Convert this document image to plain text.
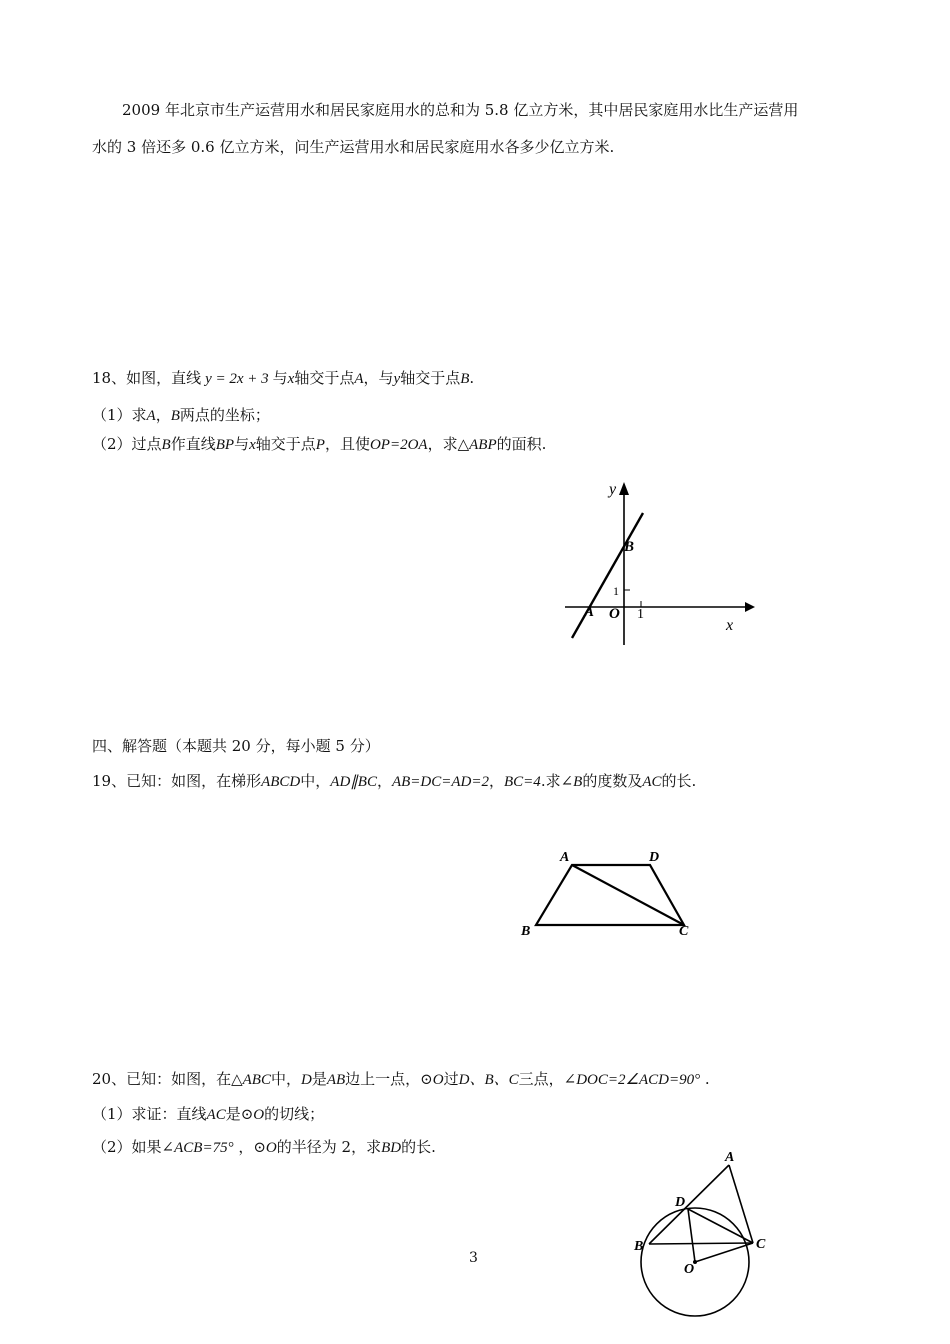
2009 年北京市生产运营用水和居民家庭用水的总和为 5.8 亿立方米，其中居民家庭用水比生产运营用
水的 3 倍还多 0.6 亿立方米，问生产运营用水和居民家庭用水各多少亿立方米.
18、如图，直线 y = 2x + 3 与x轴交于点A，与y轴交于点B.
（1）求A，B两点的坐标；
（2）过点B作直线BP与x轴交于点P，且使OP=2OA，求△ABP的面积.
y
x
B
A O
1
1
四、解答题（本题共 20 分，每小题 5 分）
19、已知：如图，在梯形ABCD中，AD∥BC，AB=DC=AD=2，BC=4.求∠B的度数及AC的长.
A	D
B	C
20、已知：如图，在△ABC中，D是AB边上一点，⊙O过D、B、C三点，∠DOC=2∠ACD=90° .
（1）求证：直线AC是⊙O的切线；
（2）如果∠ACB=75° ，⊙O的半径为 2，求BD的长.
A
D
B	C
O
3
